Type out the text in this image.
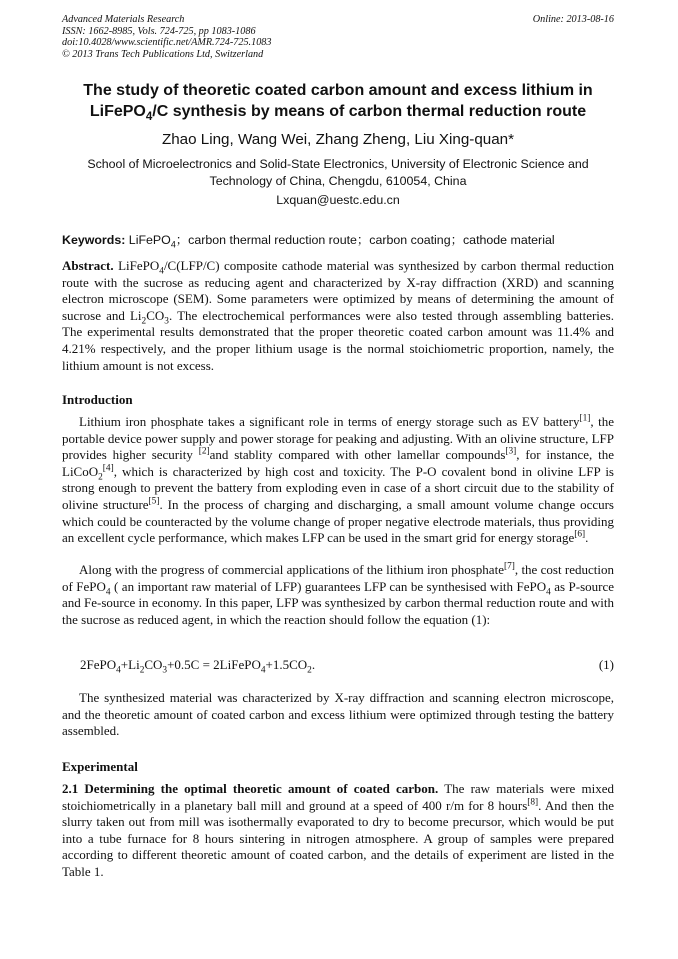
Advanced Materials Research
ISSN: 1662-8985, Vols. 724-725, pp 1083-1086
doi:10.4028/www.scientific.net/AMR.724-725.1083
© 2013 Trans Tech Publications Ltd, Switzerland
Online: 2013-08-16
The study of theoretic coated carbon amount and excess lithium in
LiFePO$_4$/C synthesis by means of carbon thermal reduction route
Zhao Ling, Wang Wei, Zhang Zheng, Liu Xing-quan*
School of Microelectronics and Solid-State Electronics, University of Electronic Science and
Technology of China, Chengdu, 610054, China
Lxquan@uestc.edu.cn
Keywords: LiFePO$_4$；carbon thermal reduction route；carbon coating；cathode material
Abstract. LiFePO$_4$/C(LFP/C) composite cathode material was synthesized by carbon thermal reduction route with the sucrose as reducing agent and characterized by X-ray diffraction (XRD) and scanning electron microscope (SEM). Some parameters were optimized by means of determining the amount of sucrose and $Li_2CO_3$. The electrochemical performances were also tested through assembling batteries. The experimental results demonstrated that the proper theoretic coated carbon amount was 11.4% and 4.21% respectively, and the proper lithium usage is the normal stoichiometric proportion, namely, the lithium amount is not excess.
Introduction
Lithium iron phosphate takes a significant role in terms of energy storage such as EV battery[1], the portable device power supply and power storage for peaking and adjusting. With an olivine structure, LFP provides higher security [2]and stablity compared with other lamellar compounds[3], for instance, the LiCoO$_2$[4], which is characterized by high cost and toxicity. The P-O covalent bond in olivine LFP is strong enough to prevent the battery from exploding even in case of a short circuit due to the stability of olivine structure[5]. In the process of charging and discharging, a small amount volume change occurs which could be counteracted by the volume change of proper negative electrode materials, thus providing an excellent cycle performance, which makes LFP can be used in the smart grid for energy storage[6].
Along with the progress of commercial applications of the lithium iron phosphate[7], the cost reduction of FePO$_4$ ( an important raw material of LFP) guarantees LFP can be synthesised with FePO$_4$ as P-source and Fe-source in economy. In this paper, LFP was synthesized by carbon thermal reduction route and with the sucrose as reduced agent, in which the reaction should follow the equation (1):
$2FePO_4+Li_2CO_3+0.5C$ = $2LiFePO_4+1.5CO_2$.	(1)
The synthesized material was characterized by X-ray diffraction and scanning electron microscope, and the theoretic amount of coated carbon and excess lithium were optimized through testing the battery assembled.
Experimental
2.1 Determining the optimal theoretic amount of coated carbon. The raw materials were mixed stoichiometrically in a planetary ball mill and ground at a speed of 400 r/m for 8 hours[8]. And then the slurry taken out from mill was isothermally evaporated to dry to become precursor, which would be put into a tube furnace for 8 hours sintering in nitrogen atmosphere. A group of samples were prepared according to different theoretic amount of coated carbon, and the details of experiment are listed in the Table 1.
